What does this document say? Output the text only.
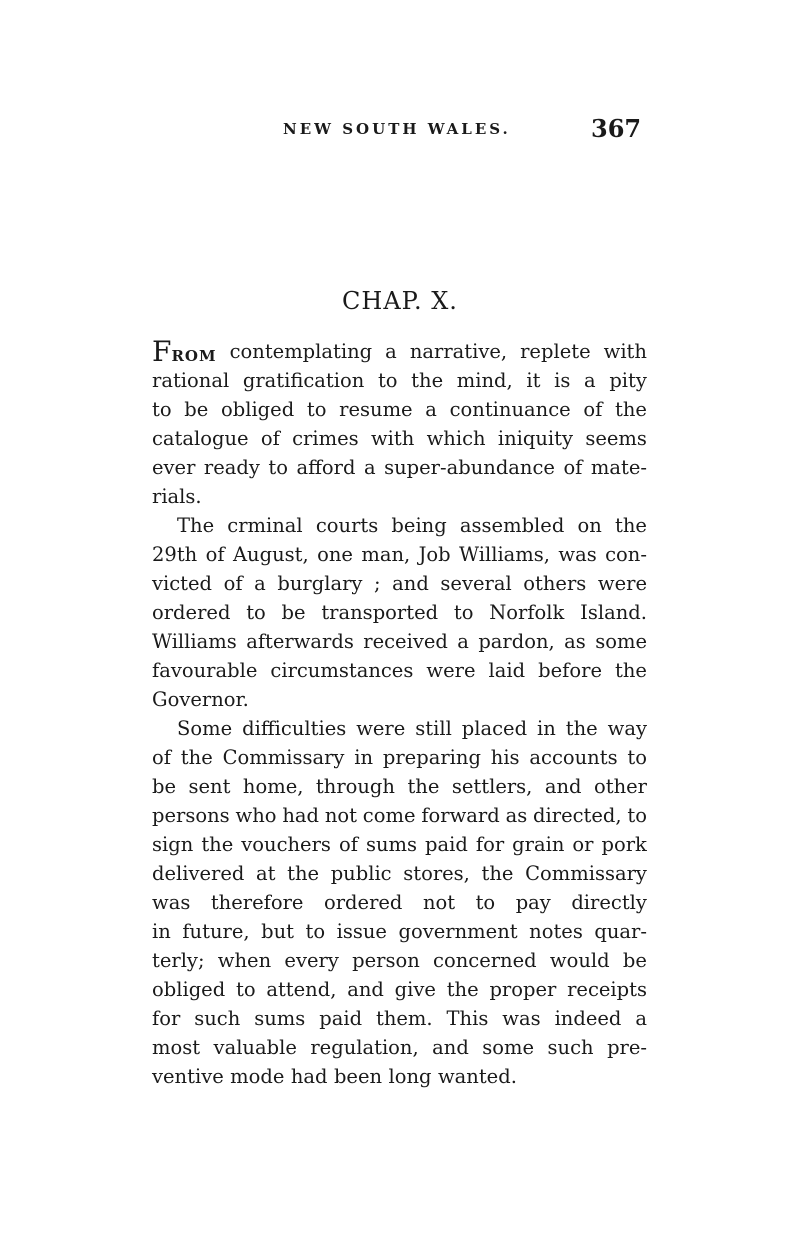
NEW SOUTH WALES.	367
CHAP. X.
FROM contemplating a narrative, replete with
rational gratification to the mind, it is a pity
to be obliged to resume a continuance of the
catalogue of crimes with which iniquity seems
ever ready to afford a super-abundance of mate-
rials.
The crminal courts being assembled on the
29th of August, one man, Job Williams, was con-
victed of a burglary ; and several others were
ordered to be transported to Norfolk Island.
Williams afterwards received a pardon, as some
favourable circumstances were laid before the
Governor.
Some difficulties were still placed in the way
of the Commissary in preparing his accounts to
be sent home, through the settlers, and other
persons who had not come forward as directed, to
sign the vouchers of sums paid for grain or pork
delivered at the public stores, the Commissary
was therefore ordered not to pay directly
in future, but to issue government notes quar-
terly; when every person concerned would be
obliged to attend, and give the proper receipts
for such sums paid them. This was indeed a
most valuable regulation, and some such pre-
ventive mode had been long wanted.
